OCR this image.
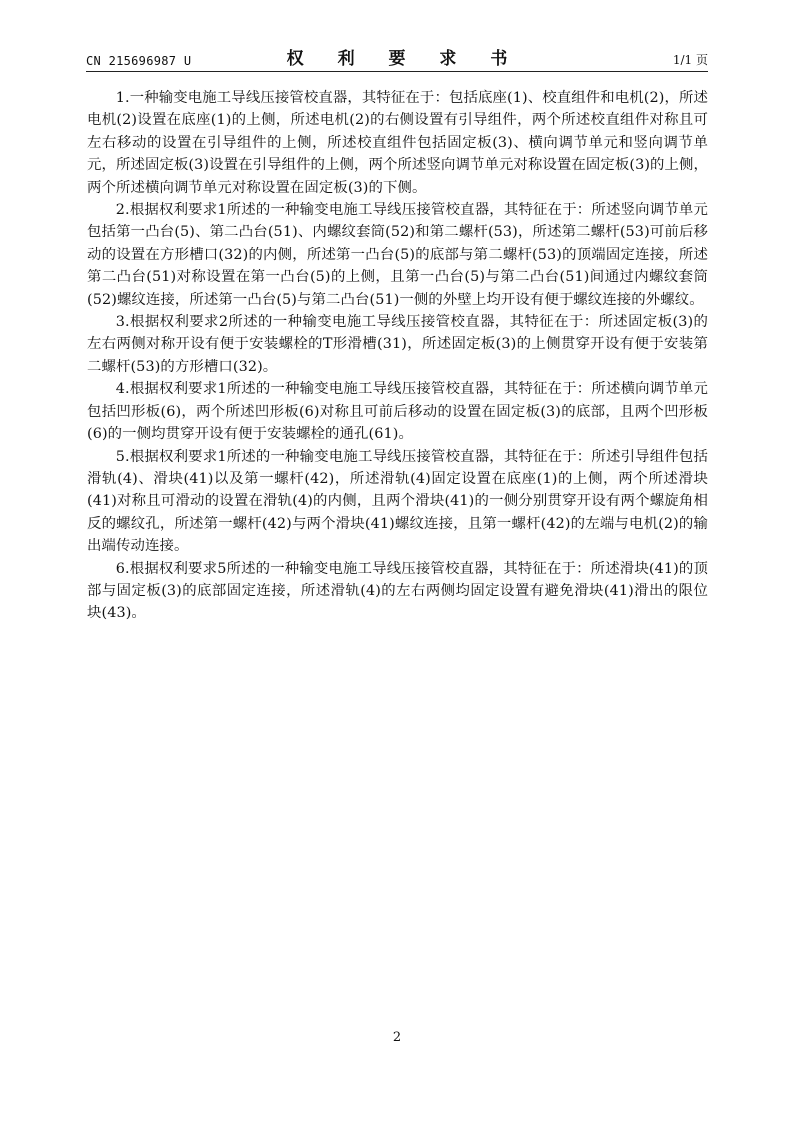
CN 215696987 U	权 利 要 求 书	1/1 页

1.一种输变电施工导线压接管校直器，其特征在于：包括底座(1)、校直组件和电机(2)，所述电机(2)设置在底座(1)的上侧，所述电机(2)的右侧设置有引导组件，两个所述校直组件对称且可左右移动的设置在引导组件的上侧，所述校直组件包括固定板(3)、横向调节单元和竖向调节单元，所述固定板(3)设置在引导组件的上侧，两个所述竖向调节单元对称设置在固定板(3)的上侧，两个所述横向调节单元对称设置在固定板(3)的下侧。

2.根据权利要求1所述的一种输变电施工导线压接管校直器，其特征在于：所述竖向调节单元包括第一凸台(5)、第二凸台(51)、内螺纹套筒(52)和第二螺杆(53)，所述第二螺杆(53)可前后移动的设置在方形槽口(32)的内侧，所述第一凸台(5)的底部与第二螺杆(53)的顶端固定连接，所述第二凸台(51)对称设置在第一凸台(5)的上侧，且第一凸台(5)与第二凸台(51)间通过内螺纹套筒(52)螺纹连接，所述第一凸台(5)与第二凸台(51)一侧的外壁上均开设有便于螺纹连接的外螺纹。

3.根据权利要求2所述的一种输变电施工导线压接管校直器，其特征在于：所述固定板(3)的左右两侧对称开设有便于安装螺栓的T形滑槽(31)，所述固定板(3)的上侧贯穿开设有便于安装第二螺杆(53)的方形槽口(32)。

4.根据权利要求1所述的一种输变电施工导线压接管校直器，其特征在于：所述横向调节单元包括凹形板(6)，两个所述凹形板(6)对称且可前后移动的设置在固定板(3)的底部，且两个凹形板(6)的一侧均贯穿开设有便于安装螺栓的通孔(61)。

5.根据权利要求1所述的一种输变电施工导线压接管校直器，其特征在于：所述引导组件包括滑轨(4)、滑块(41)以及第一螺杆(42)，所述滑轨(4)固定设置在底座(1)的上侧，两个所述滑块(41)对称且可滑动的设置在滑轨(4)的内侧，且两个滑块(41)的一侧分别贯穿开设有两个螺旋角相反的螺纹孔，所述第一螺杆(42)与两个滑块(41)螺纹连接，且第一螺杆(42)的左端与电机(2)的输出端传动连接。

6.根据权利要求5所述的一种输变电施工导线压接管校直器，其特征在于：所述滑块(41)的顶部与固定板(3)的底部固定连接，所述滑轨(4)的左右两侧均固定设置有避免滑块(41)滑出的限位块(43)。

2
